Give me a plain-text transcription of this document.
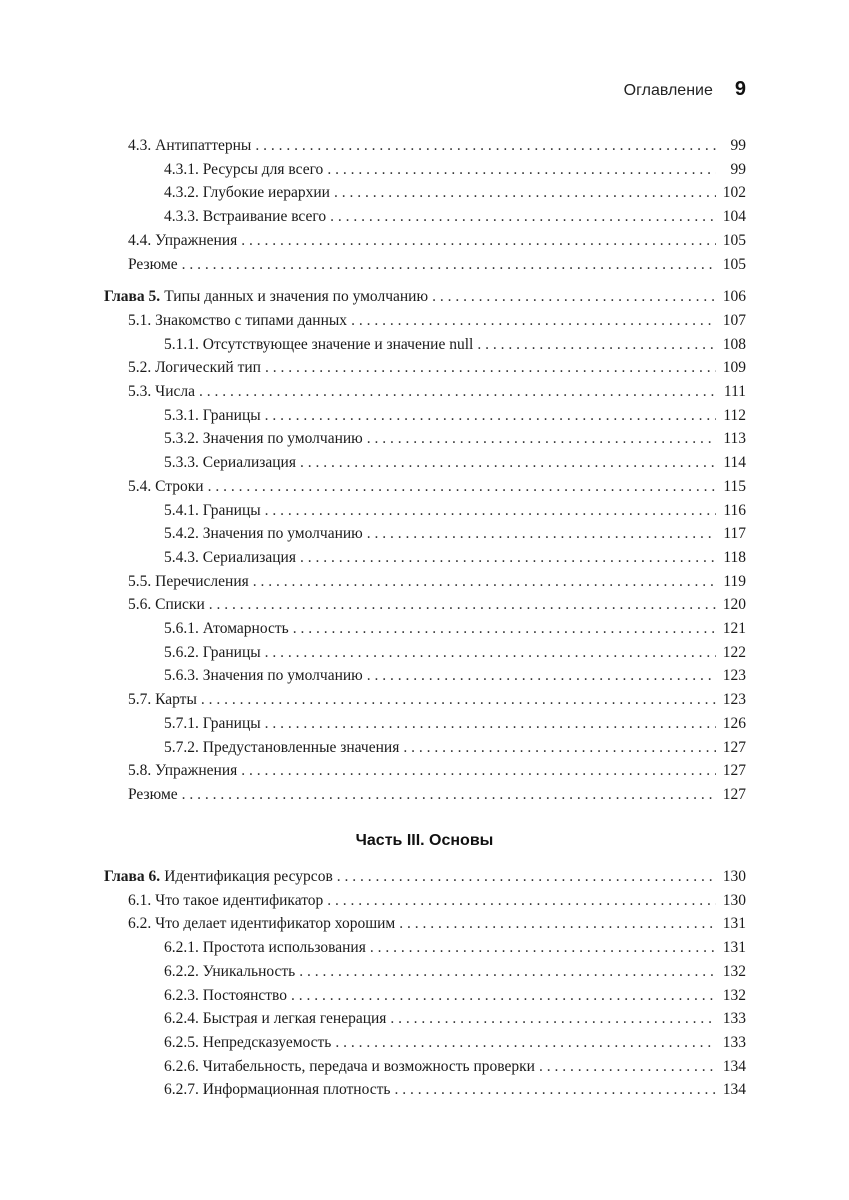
Оглавление 9
4.3. Антипаттерны . . .	99
4.3.1. Ресурсы для всего . . .	99
4.3.2. Глубокие иерархии . . .	102
4.3.3. Встраивание всего . . .	104
4.4. Упражнения . . .	105
Резюме . . .	105
Глава 5. Типы данных и значения по умолчанию . . .	106
5.1. Знакомство с типами данных . . .	107
5.1.1. Отсутствующее значение и значение null . . .	108
5.2. Логический тип . . .	109
5.3. Числа . . .	111
5.3.1. Границы . . .	112
5.3.2. Значения по умолчанию . . .	113
5.3.3. Сериализация . . .	114
5.4. Строки . . .	115
5.4.1. Границы . . .	116
5.4.2. Значения по умолчанию . . .	117
5.4.3. Сериализация . . .	118
5.5. Перечисления . . .	119
5.6. Списки . . .	120
5.6.1. Атомарность . . .	121
5.6.2. Границы . . .	122
5.6.3. Значения по умолчанию . . .	123
5.7. Карты . . .	123
5.7.1. Границы . . .	126
5.7.2. Предустановленные значения . . .	127
5.8. Упражнения . . .	127
Резюме . . .	127
Часть III. Основы
Глава 6. Идентификация ресурсов . . .	130
6.1. Что такое идентификатор . . .	130
6.2. Что делает идентификатор хорошим . . .	131
6.2.1. Простота использования . . .	131
6.2.2. Уникальность . . .	132
6.2.3. Постоянство . . .	132
6.2.4. Быстрая и легкая генерация . . .	133
6.2.5. Непредсказуемость . . .	133
6.2.6. Читабельность, передача и возможность проверки . . .	134
6.2.7. Информационная плотность . . .	134
